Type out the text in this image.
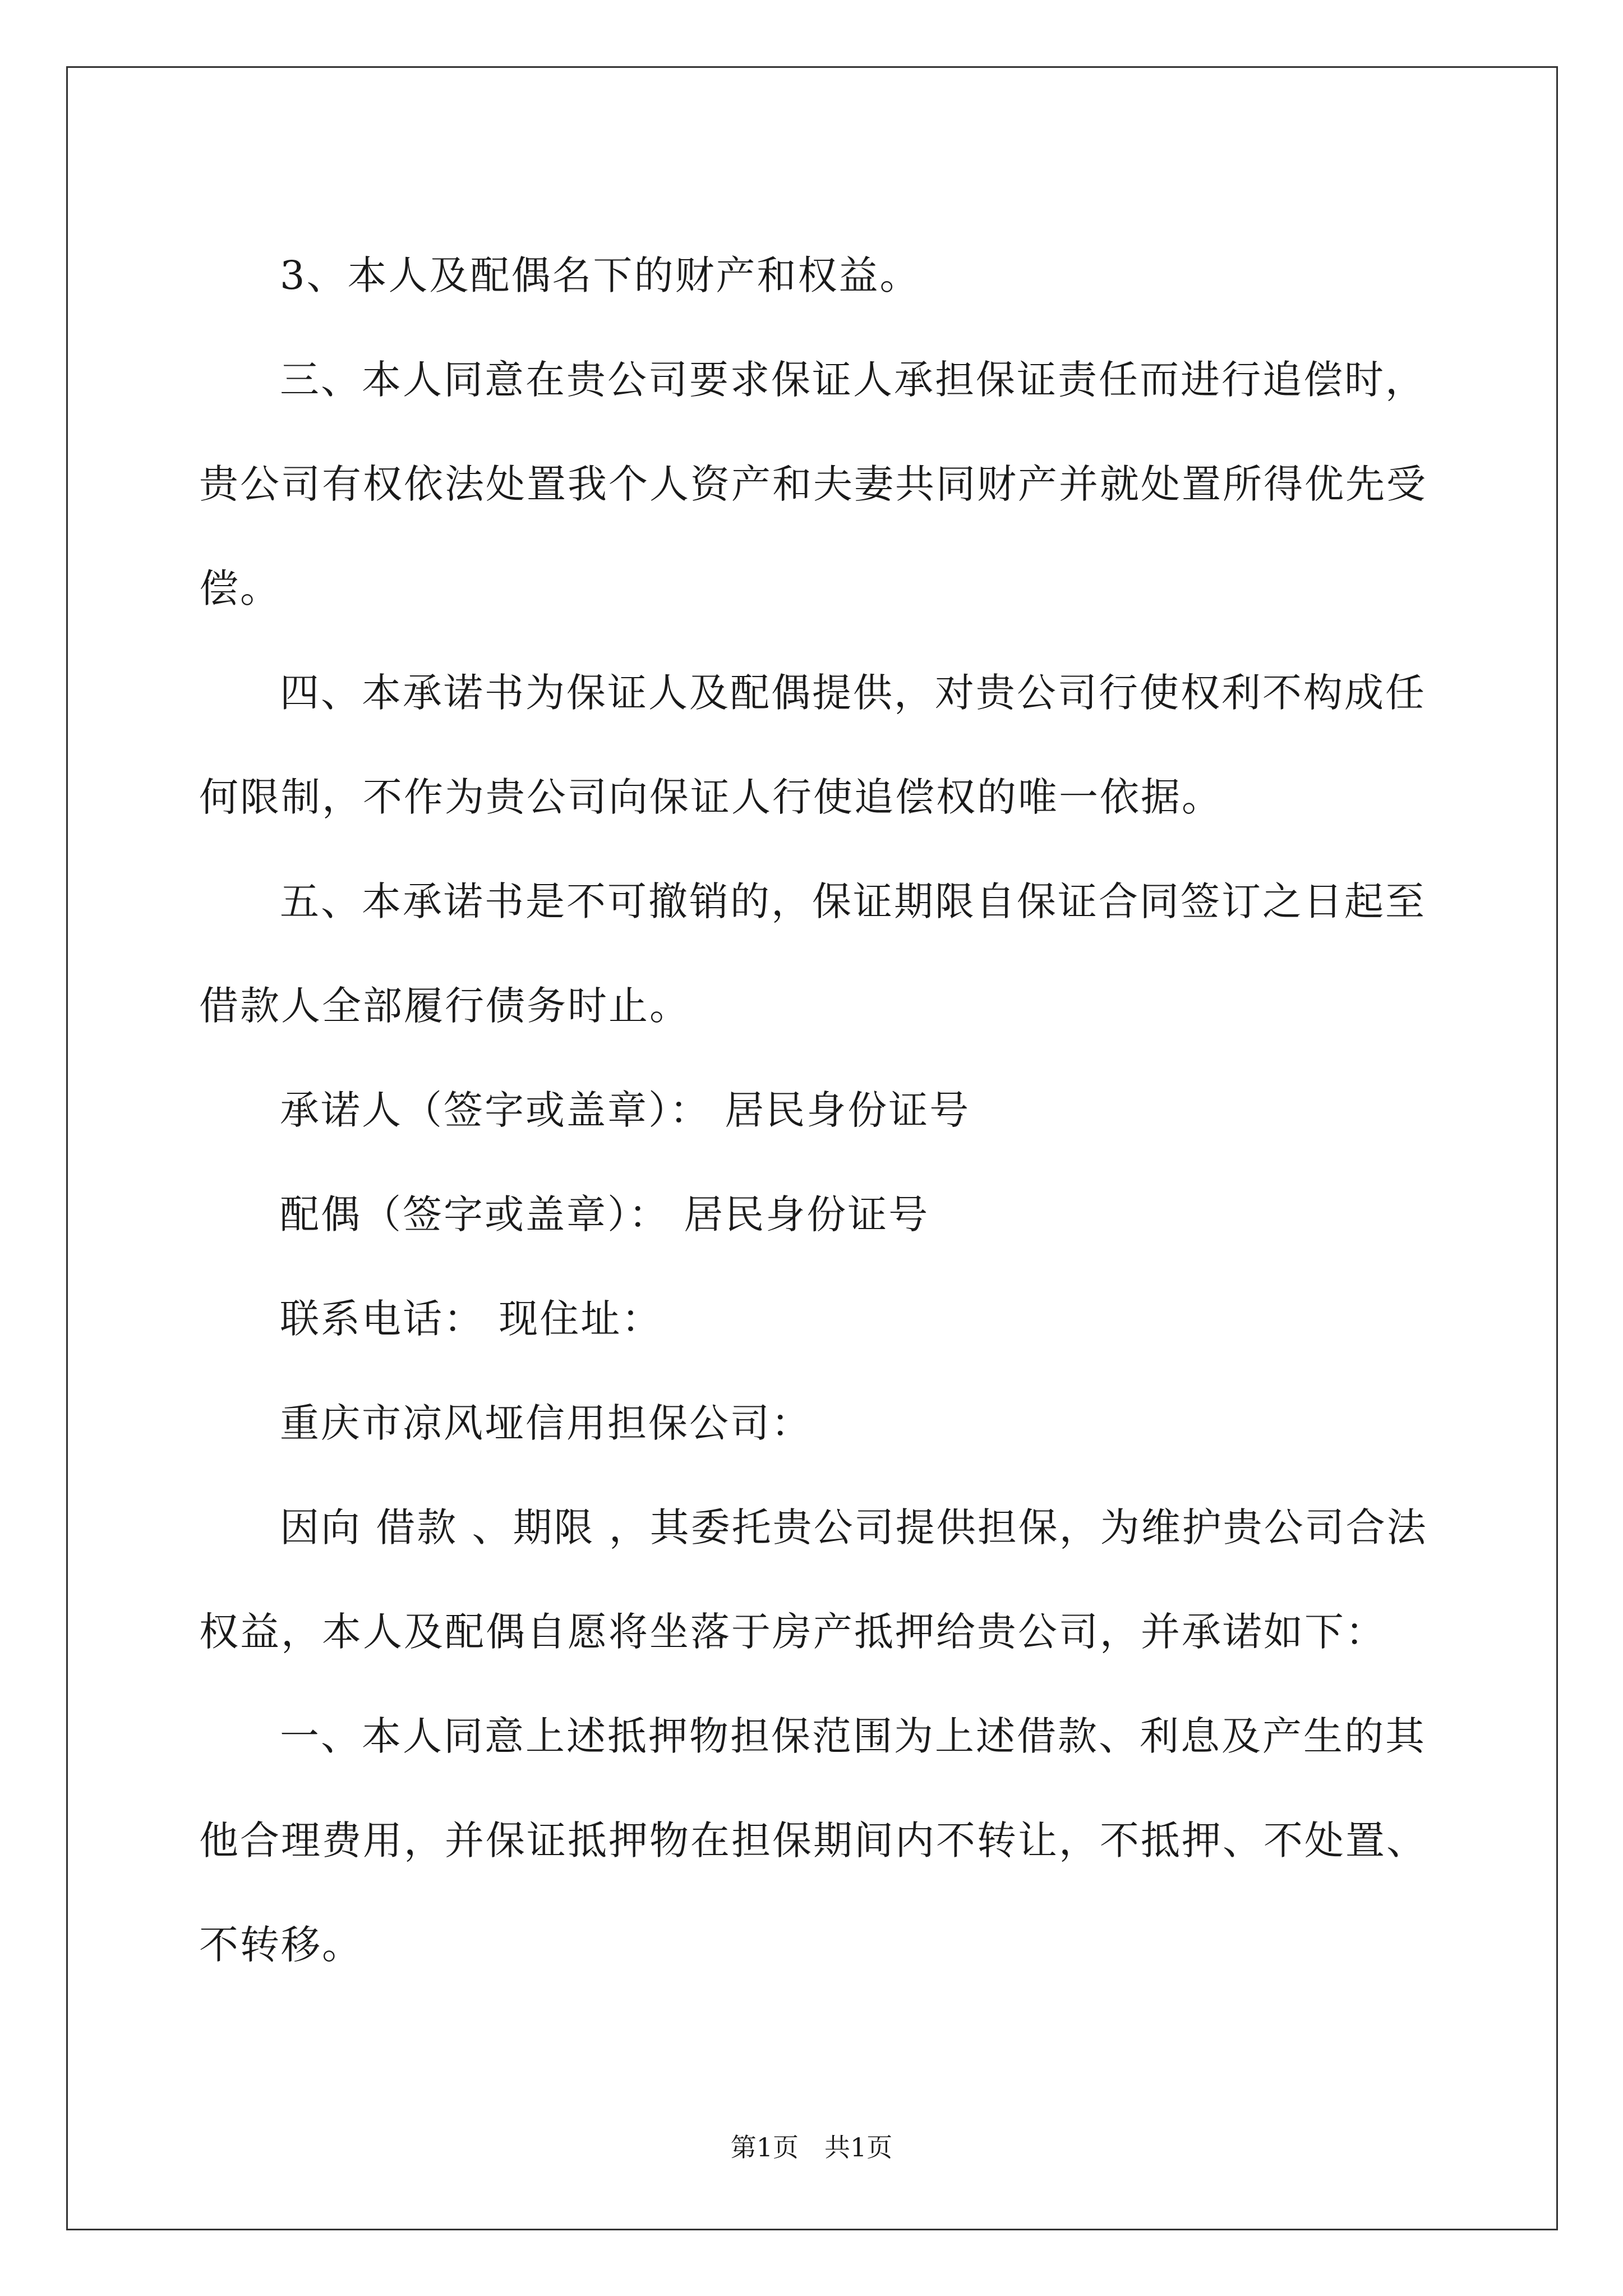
3、本人及配偶名下的财产和权益。

三、本人同意在贵公司要求保证人承担保证责任而进行追偿时，贵公司有权依法处置我个人资产和夫妻共同财产并就处置所得优先受偿。

四、本承诺书为保证人及配偶提供，对贵公司行使权利不构成任何限制，不作为贵公司向保证人行使追偿权的唯一依据。

五、本承诺书是不可撤销的，保证期限自保证合同签订之日起至借款人全部履行债务时止。

承诺人（签字或盖章）： 居民身份证号

配偶（签字或盖章）： 居民身份证号

联系电话： 现住址：

重庆市凉风垭信用担保公司：

因向 借款 、期限 ，其委托贵公司提供担保，为维护贵公司合法权益，本人及配偶自愿将坐落于房产抵押给贵公司，并承诺如下：

一、本人同意上述抵押物担保范围为上述借款、利息及产生的其他合理费用，并保证抵押物在担保期间内不转让，不抵押、不处置、不转移。

第1页　共1页
